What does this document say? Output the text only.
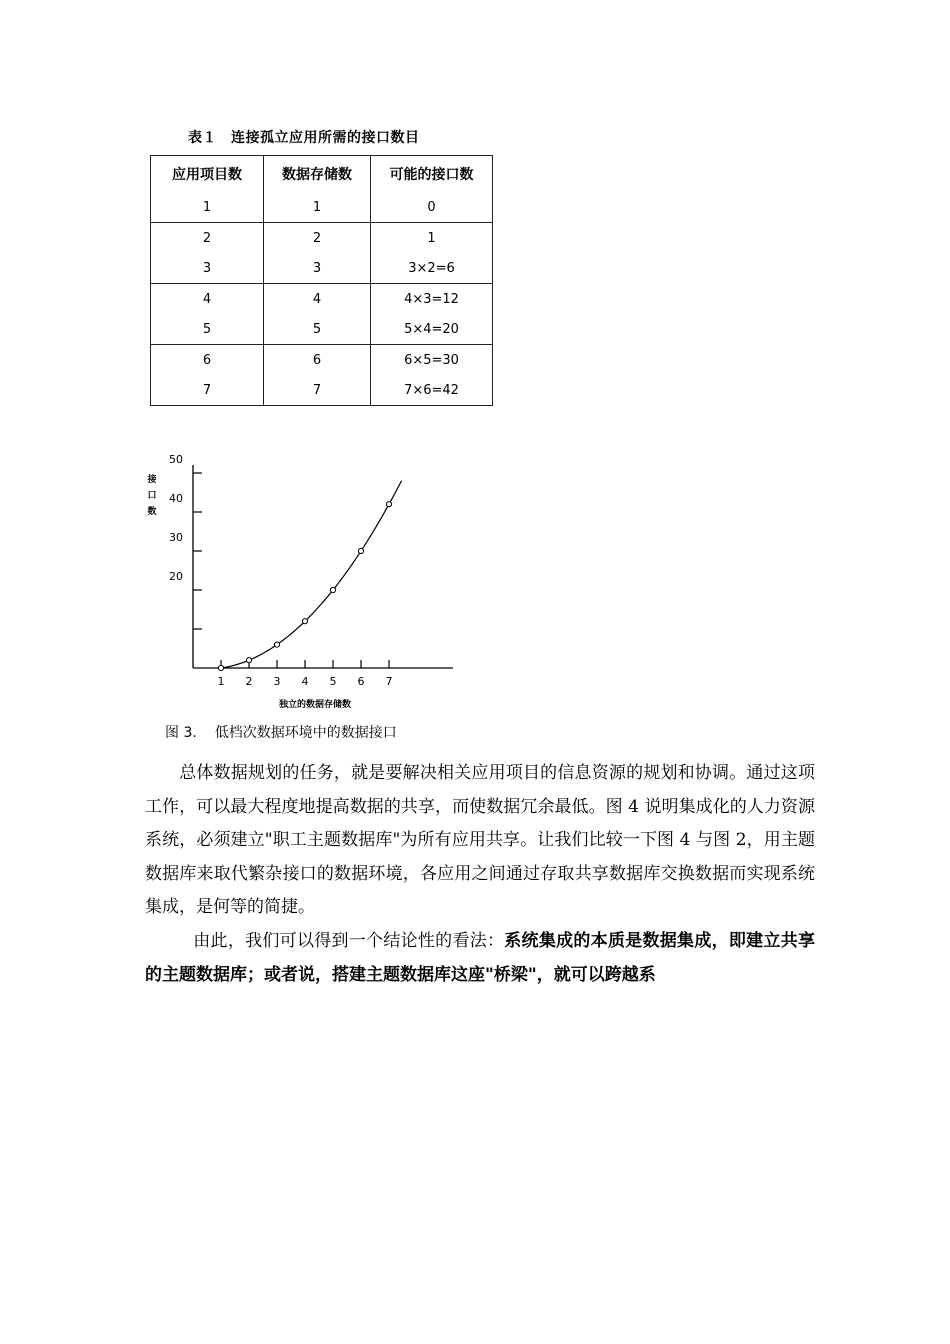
表１ 连接孤立应用所需的接口数目
应用项目数	数据存储数	可能的接口数
1	1	0
2	2	1
3	3	3×2=6
4	4	4×3=12
5	5	5×4=20
6	6	6×5=30
7	7	7×6=42
20
30
40
50
1 2 3 4 5 6 7
接
口
数
独立的数据存储数
图 3. 低档次数据环境中的数据接口
总体数据规划的任务，就是要解决相关应用项目的信息资源的规划和协调。通过这项工作，可以最大程度地提高数据的共享，而使数据冗余最低。图 4 说明集成化的人力资源系统，必须建立"职工主题数据库"为所有应用共享。让我们比较一下图 4 与图 2，用主题数据库来取代繁杂接口的数据环境，各应用之间通过存取共享数据库交换数据而实现系统集成，是何等的简捷。
由此，我们可以得到一个结论性的看法：系统集成的本质是数据集成，即建立共享的主题数据库；或者说，搭建主题数据库这座"桥梁"，就可以跨越系
